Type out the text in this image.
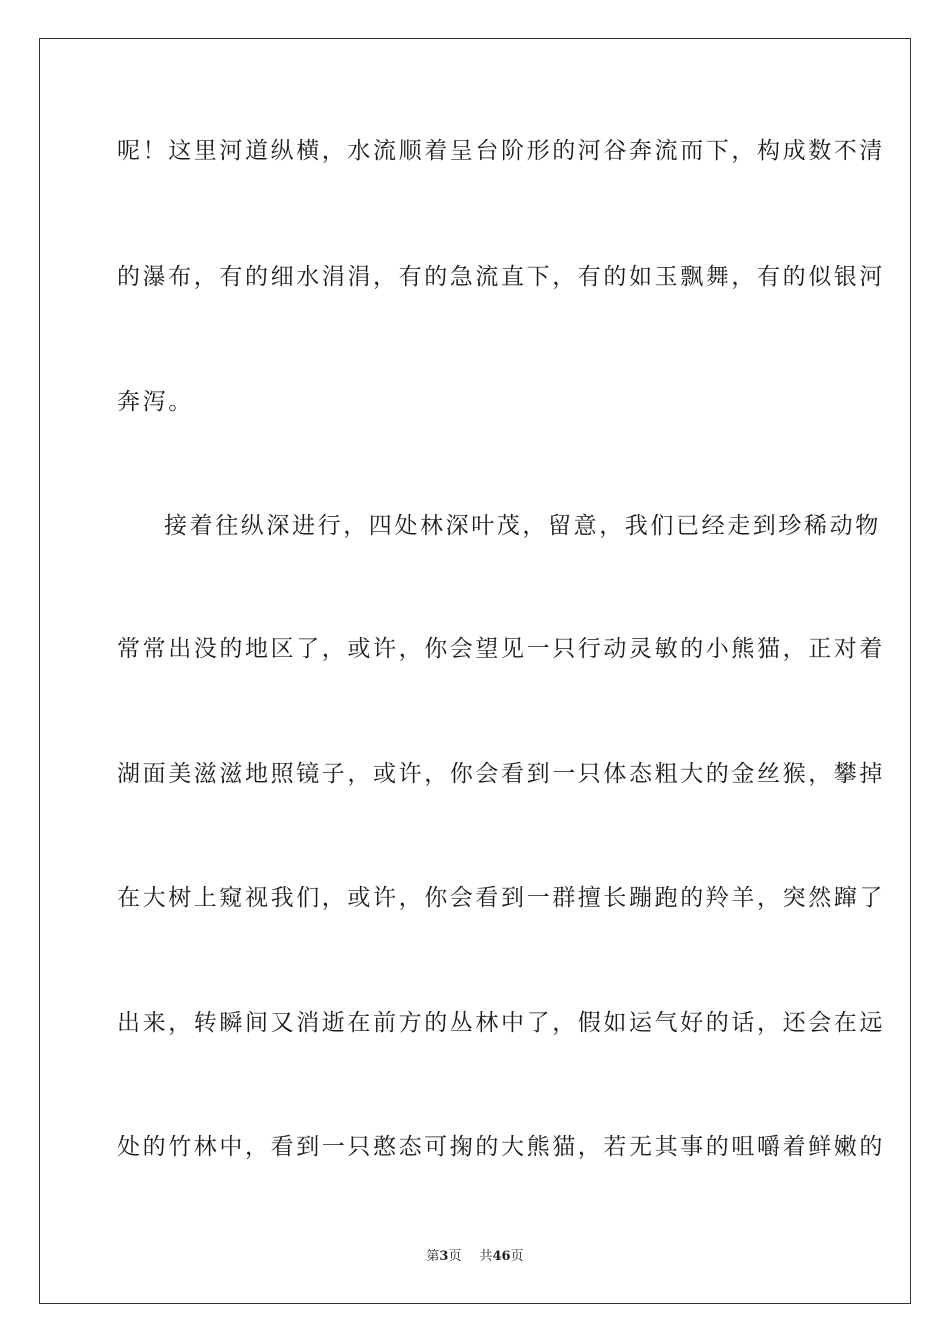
呢！这里河道纵横，水流顺着呈台阶形的河谷奔流而下，构成数不清
的瀑布，有的细水涓涓，有的急流直下，有的如玉飘舞，有的似银河
奔泻。
接着往纵深进行，四处林深叶茂，留意，我们已经走到珍稀动物
常常出没的地区了，或许，你会望见一只行动灵敏的小熊猫，正对着
湖面美滋滋地照镜子，或许，你会看到一只体态粗大的金丝猴，攀掉
在大树上窥视我们，或许，你会看到一群擅长蹦跑的羚羊，突然蹿了
出来，转瞬间又消逝在前方的丛林中了，假如运气好的话，还会在远
处的竹林中，看到一只憨态可掬的大熊猫，若无其事的咀嚼着鲜嫩的
第3页 共46页
